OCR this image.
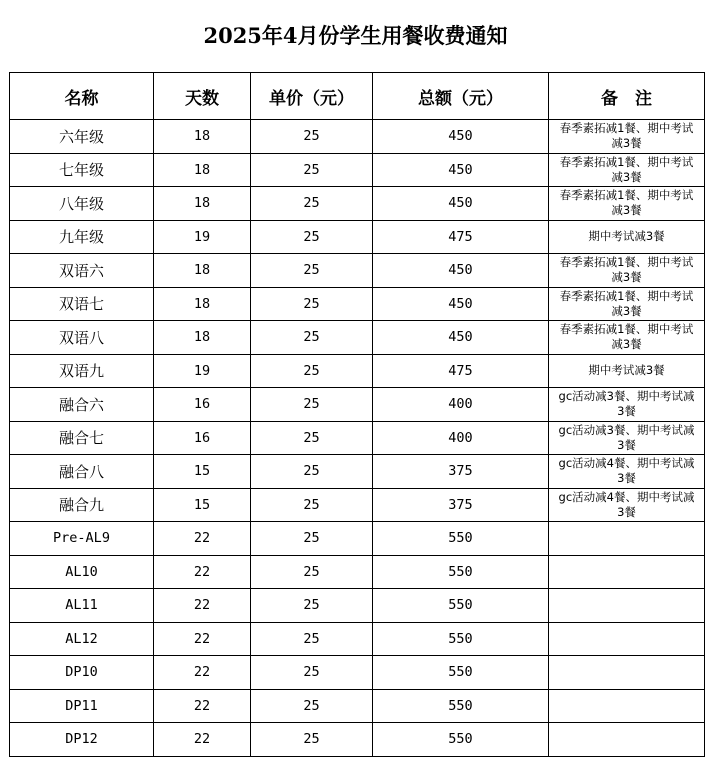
2025年4月份学生用餐收费通知
名称	天数	单价（元）	总额（元）	备　注
六年级	18	25	450	春季素拓减1餐、期中考试减3餐
七年级	18	25	450	春季素拓减1餐、期中考试减3餐
八年级	18	25	450	春季素拓减1餐、期中考试减3餐
九年级	19	25	475	期中考试减3餐
双语六	18	25	450	春季素拓减1餐、期中考试减3餐
双语七	18	25	450	春季素拓减1餐、期中考试减3餐
双语八	18	25	450	春季素拓减1餐、期中考试减3餐
双语九	19	25	475	期中考试减3餐
融合六	16	25	400	gc活动减3餐、期中考试减3餐
融合七	16	25	400	gc活动减3餐、期中考试减3餐
融合八	15	25	375	gc活动减4餐、期中考试减3餐
融合九	15	25	375	gc活动减4餐、期中考试减3餐
Pre-AL9	22	25	550	
AL10	22	25	550	
AL11	22	25	550	
AL12	22	25	550	
DP10	22	25	550	
DP11	22	25	550	
DP12	22	25	550	
